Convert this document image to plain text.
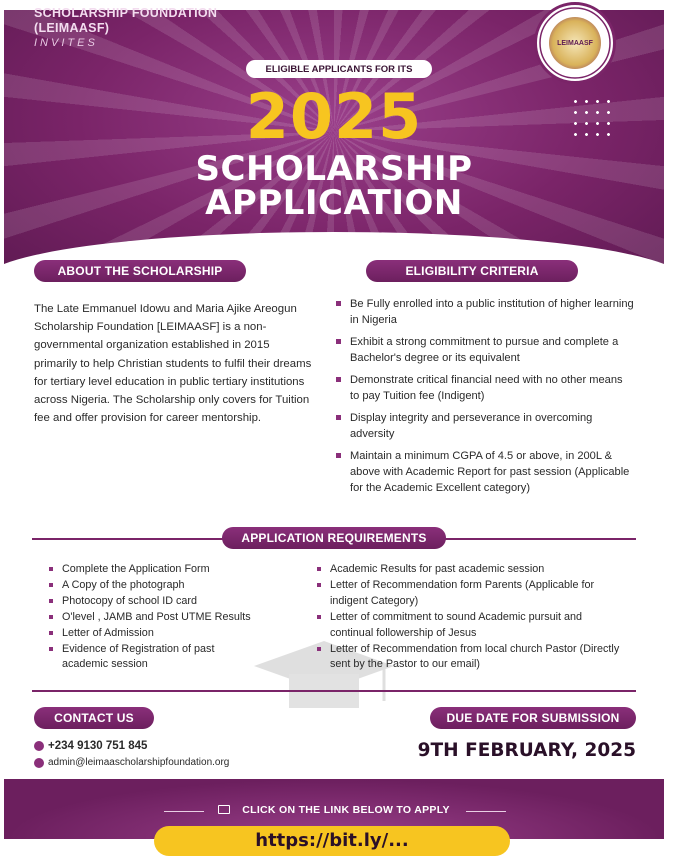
SCHOLARSHIP FOUNDATION
(LEIMAASF)
INVITES	LEIMAASF
ELIGIBLE APPLICANTS FOR ITS
2025
SCHOLARSHIP
APPLICATION
ABOUT THE SCHOLARSHIP
The Late Emmanuel Idowu and Maria Ajike Areogun Scholarship Foundation [LEIMAASF] is a non-governmental organization established in 2015 primarily to help Christian students to fulfil their dreams for tertiary level education in public tertiary institutions across Nigeria. The Scholarship only covers for Tuition fee and offer provision for career mentorship.
ELIGIBILITY CRITERIA
Be Fully enrolled into a public institution of higher learning in Nigeria
Exhibit a strong commitment to pursue and complete a Bachelor's degree or its equivalent
Demonstrate critical financial need with no other means to pay Tuition fee (Indigent)
Display integrity and perseverance in overcoming adversity
Maintain a minimum CGPA of 4.5 or above, in 200L & above with Academic Report for past session (Applicable for the Academic Excellent category)
APPLICATION REQUIREMENTS
Complete the Application Form
A Copy of the photograph
Photocopy of school ID card
O'level , JAMB and Post UTME Results
Letter of Admission
Evidence of Registration of past academic session
Academic Results for past academic session
Letter of Recommendation form Parents (Applicable for indigent Category)
Letter of commitment to sound Academic pursuit and continual followership of Jesus
Letter of Recommendation from local church Pastor (Directly sent by the Pastor to our email)
CONTACT US
+234 9130 751 845
admin@leimaascholarshipfoundation.org
DUE DATE FOR SUBMISSION
9TH FEBRUARY, 2025
CLICK ON THE LINK BELOW TO APPLY
https://bit.ly/...
